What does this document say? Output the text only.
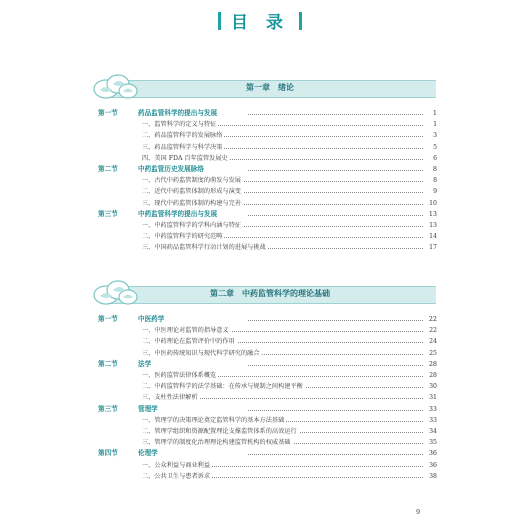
目 录
第一章　绪论
第一节	药品监管科学的提出与发展	1
一、监管科学的定义与特征	1
二、药品监管科学的发展脉络	3
三、药品监管科学与科学决策	5
四、美国 FDA 百年监管发展史	6
第二节	中药监管历史发展脉络	8
一、古代中药监管制度的萌发与发展	8
二、近代中药监管体制的形成与演变	9
三、现代中药监管体制的构建与完善	10
第三节	中药监管科学的提出与发展	13
一、中药监管科学的学科内涵与特征	13
二、中药监管科学的研究范畴	14
三、中国药品监管科学行动计划的进展与挑战	17
第二章　中药监管科学的理论基础
第一节	中医药学	22
一、中医理论对监管的指导意义	22
二、中药理论在监管评价中的作用	24
三、中医药传统知识与现代科学研究的融合	25
第二节	法学	28
一、医药监管法律体系概览	28
二、中药监管科学的法学基础：在传承与规制之间构建平衡	30
三、支柱性法律解析	31
第三节	管理学	33
一、管理学的决策理论奠定监管科学的基本方法基础	33
二、管理学组织和资源配置理论支撑监管体系的高效运行	34
三、管理学的制度化治理理论构建监管机构的权威基础	35
第四节	伦理学	36
一、公众利益与商业利益	36
二、公共卫生与患者诉求	38
9
